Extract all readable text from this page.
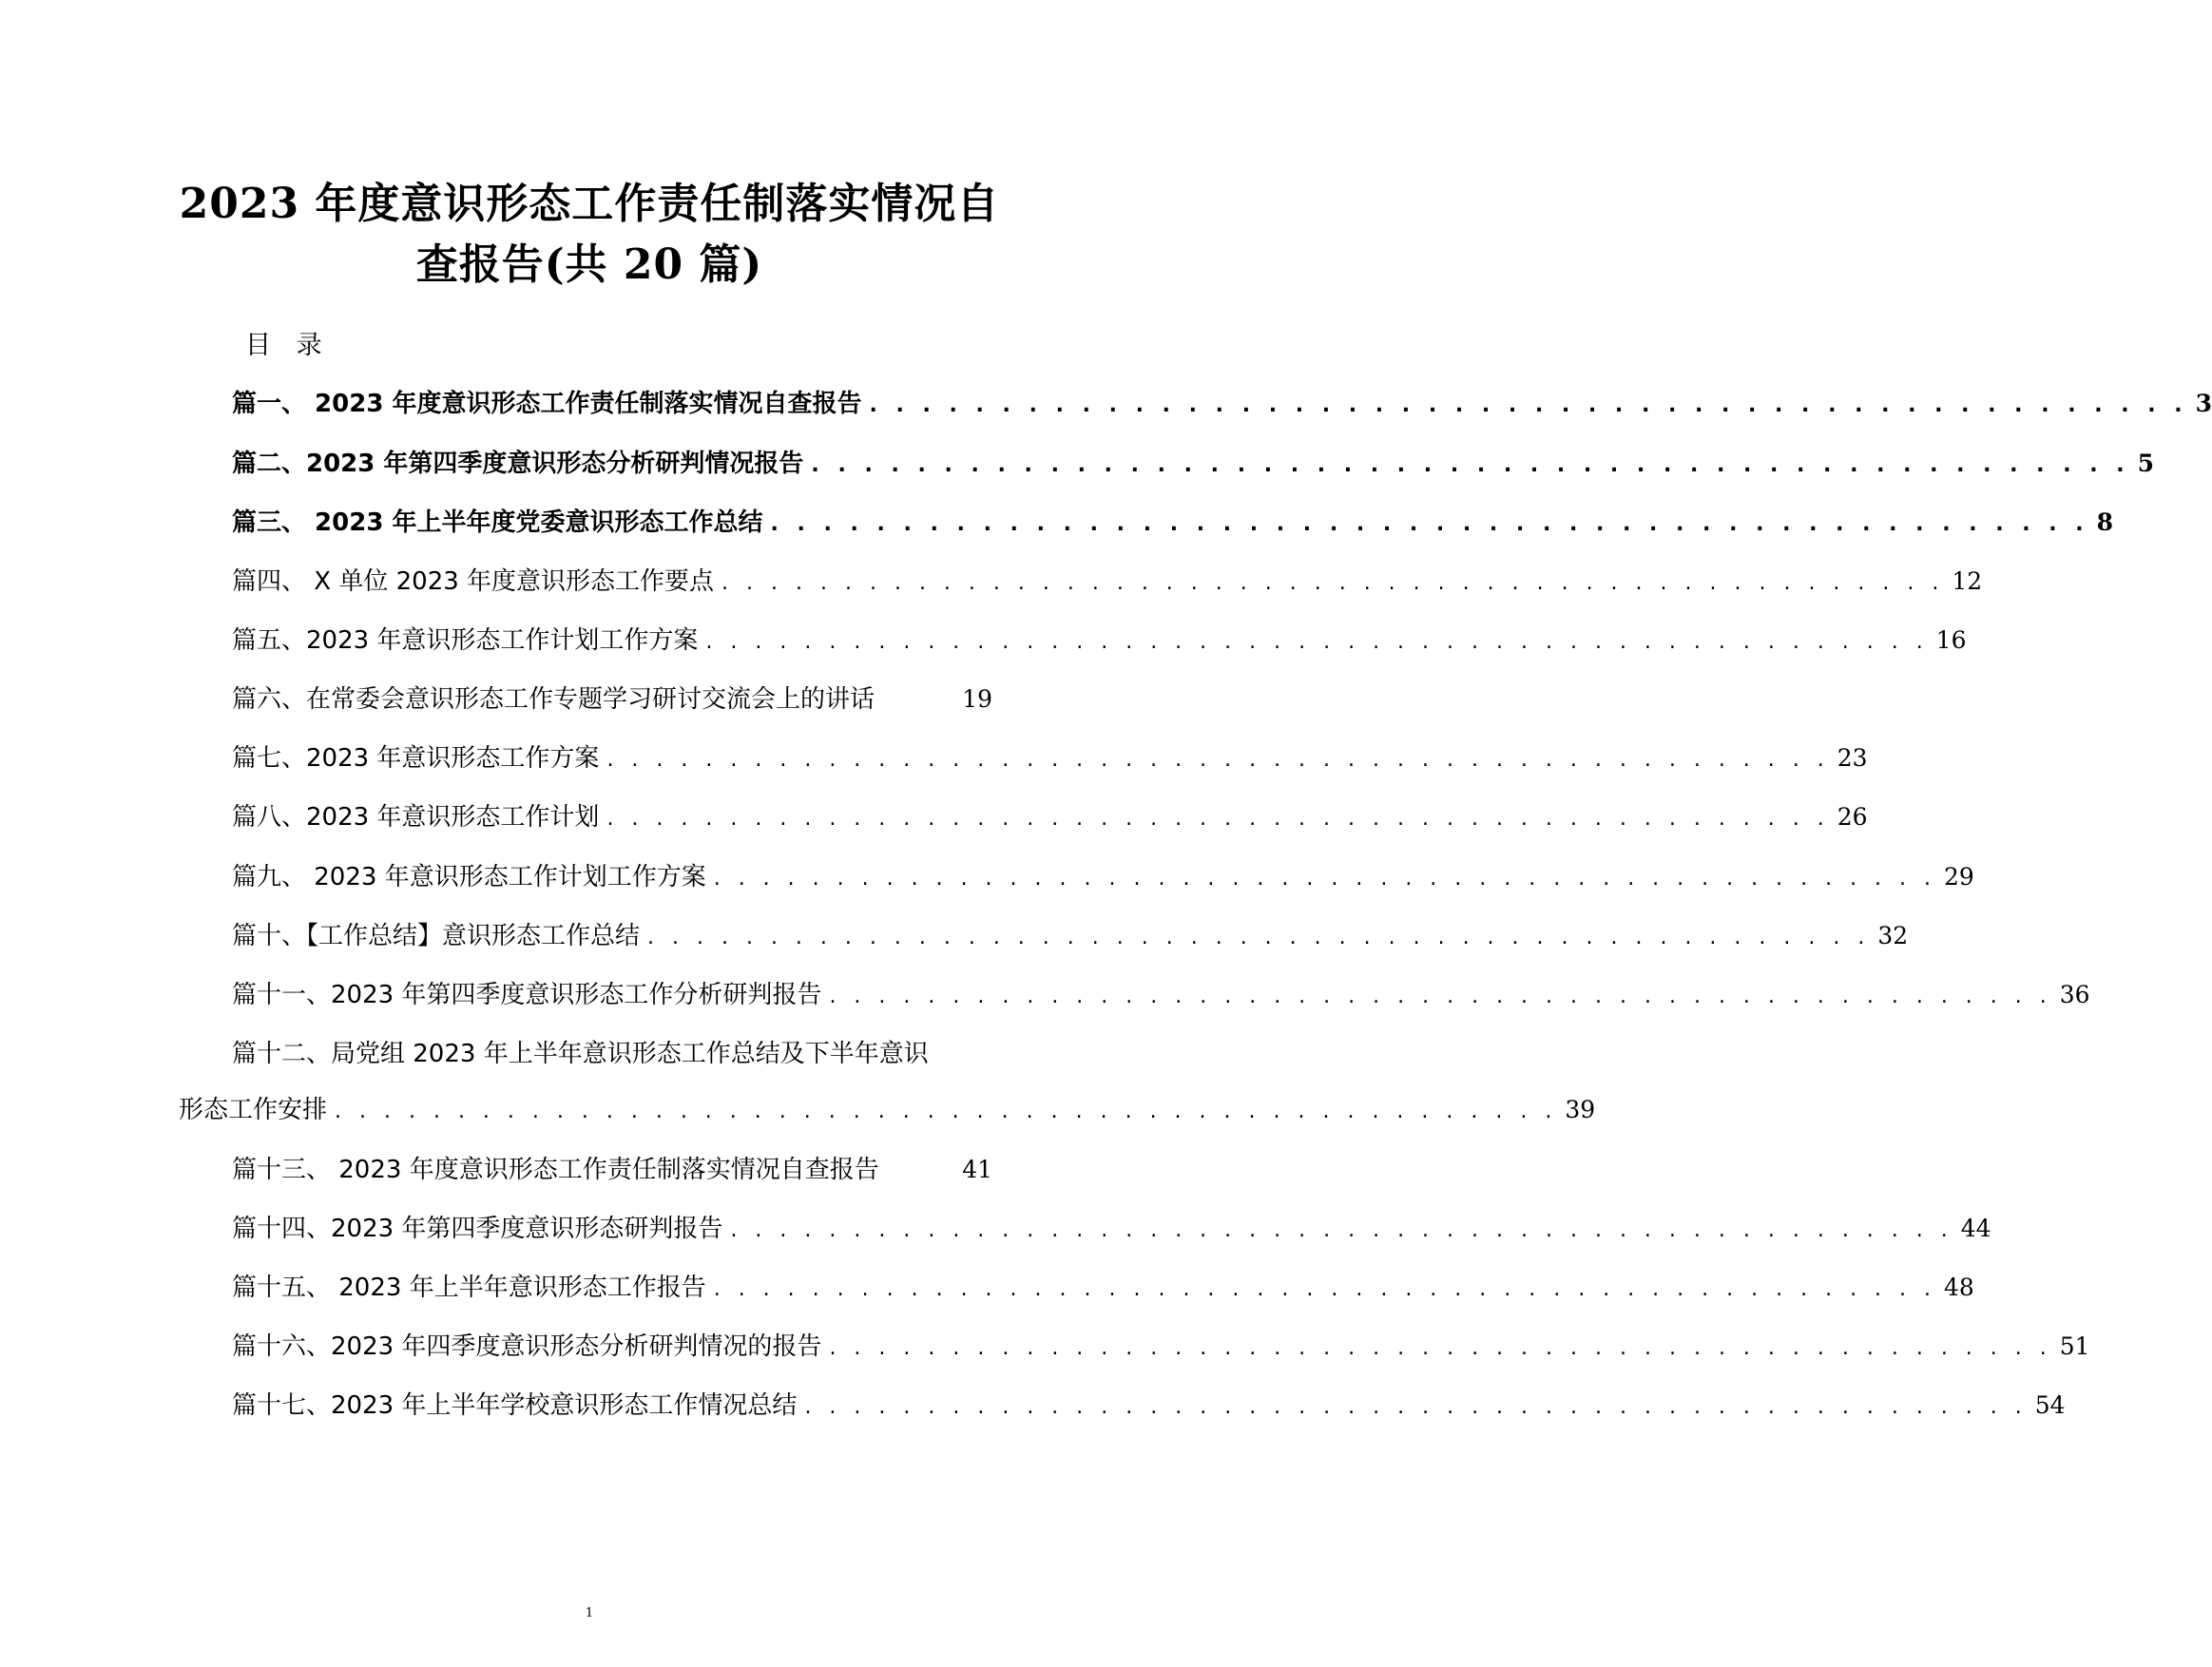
2023 年度意识形态工作责任制落实情况自
查报告(共 20 篇)
目 录
篇一、 2023 年度意识形态工作责任制落实情况自查报告 . . . . . . . . . . . . . . . . . . . . . . . . . . . . . . . . . . . . . . . . . . . . . . . . . . 3
篇二、2023 年第四季度意识形态分析研判情况报告 . . . . . . . . . . . . . . . . . . . . . . . . . . . . . . . . . . . . . . . . . . . . . . . . . . 5
篇三、 2023 年上半年度党委意识形态工作总结 . . . . . . . . . . . . . . . . . . . . . . . . . . . . . . . . . . . . . . . . . . . . . . . . . . 8
篇四、 X 单位 2023 年度意识形态工作要点 . . . . . . . . . . . . . . . . . . . . . . . . . . . . . . . . . . . . . . . . . . . . . . . . . . 12
篇五、2023 年意识形态工作计划工作方案 . . . . . . . . . . . . . . . . . . . . . . . . . . . . . . . . . . . . . . . . . . . . . . . . . . 16
篇六、在常委会意识形态工作专题学习研讨交流会上的讲话	19
篇七、2023 年意识形态工作方案 . . . . . . . . . . . . . . . . . . . . . . . . . . . . . . . . . . . . . . . . . . . . . . . . . . 23
篇八、2023 年意识形态工作计划 . . . . . . . . . . . . . . . . . . . . . . . . . . . . . . . . . . . . . . . . . . . . . . . . . . 26
篇九、 2023 年意识形态工作计划工作方案 . . . . . . . . . . . . . . . . . . . . . . . . . . . . . . . . . . . . . . . . . . . . . . . . . . 29
篇十、【工作总结】意识形态工作总结 . . . . . . . . . . . . . . . . . . . . . . . . . . . . . . . . . . . . . . . . . . . . . . . . . . 32
篇十一、2023 年第四季度意识形态工作分析研判报告 . . . . . . . . . . . . . . . . . . . . . . . . . . . . . . . . . . . . . . . . . . . . . . . . . . 36
篇十二、局党组 2023 年上半年意识形态工作总结及下半年意识
形态工作安排 . . . . . . . . . . . . . . . . . . . . . . . . . . . . . . . . . . . . . . . . . . . . . . . . . . 39
篇十三、 2023 年度意识形态工作责任制落实情况自查报告	41
篇十四、2023 年第四季度意识形态研判报告 . . . . . . . . . . . . . . . . . . . . . . . . . . . . . . . . . . . . . . . . . . . . . . . . . . 44
篇十五、 2023 年上半年意识形态工作报告 . . . . . . . . . . . . . . . . . . . . . . . . . . . . . . . . . . . . . . . . . . . . . . . . . . 48
篇十六、2023 年四季度意识形态分析研判情况的报告 . . . . . . . . . . . . . . . . . . . . . . . . . . . . . . . . . . . . . . . . . . . . . . . . . . 51
篇十七、2023 年上半年学校意识形态工作情况总结 . . . . . . . . . . . . . . . . . . . . . . . . . . . . . . . . . . . . . . . . . . . . . . . . . . 54
1
